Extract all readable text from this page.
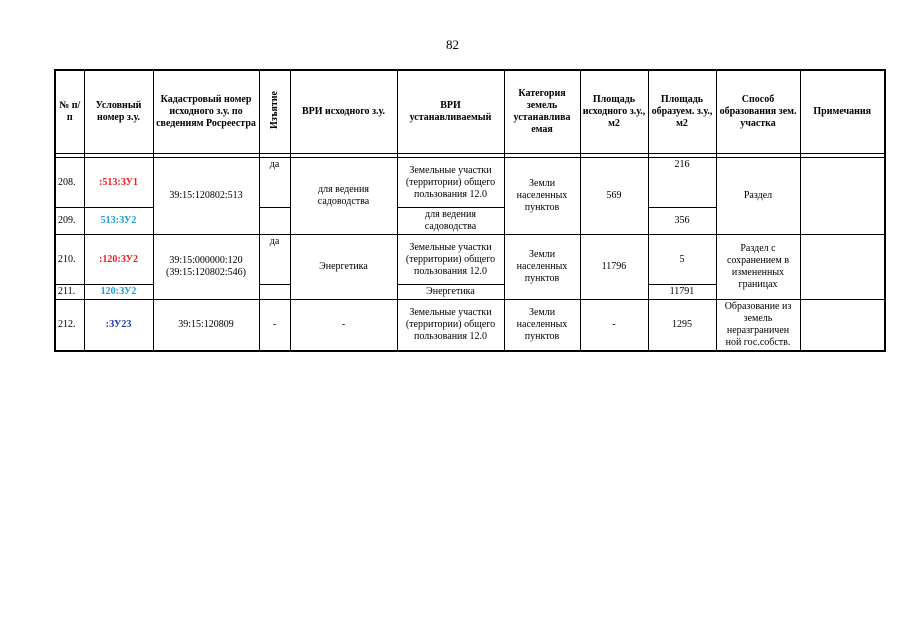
82
№ п/п	Условный номер з.у.	Кадастровый номер исходного з.у. по сведениям Росреестра	Изъятие	ВРИ исходного з.у.	ВРИ устанавливаемый	Категория земель устанавлива емая	Площадь исходного з.у., м2	Площадь образуем. з.у., м2	Способ образования зем. участка	Примечания

208.	:513:ЗУ1	39:15:120802:513	да	для ведения садоводства	Земельные участки (территории) общего пользования 12.0	Земли населенных пунктов	569	216	Раздел	
209.	513:ЗУ2				для ведения садоводства			356		
210.	:120:ЗУ2	39:15:000000:120 (39:15:120802:546)	да	Энергетика	Земельные участки (территории) общего пользования 12.0	Земли населенных пунктов	11796	5	Раздел с сохранением в измененных границах	
211.	120:ЗУ2				Энергетика			11791		
212.	:ЗУ23	39:15:120809	-	-	Земельные участки (территории) общего пользования 12.0	Земли населенных пунктов	-	1295	Образование из земель неразграничен ной гос.собств.	
